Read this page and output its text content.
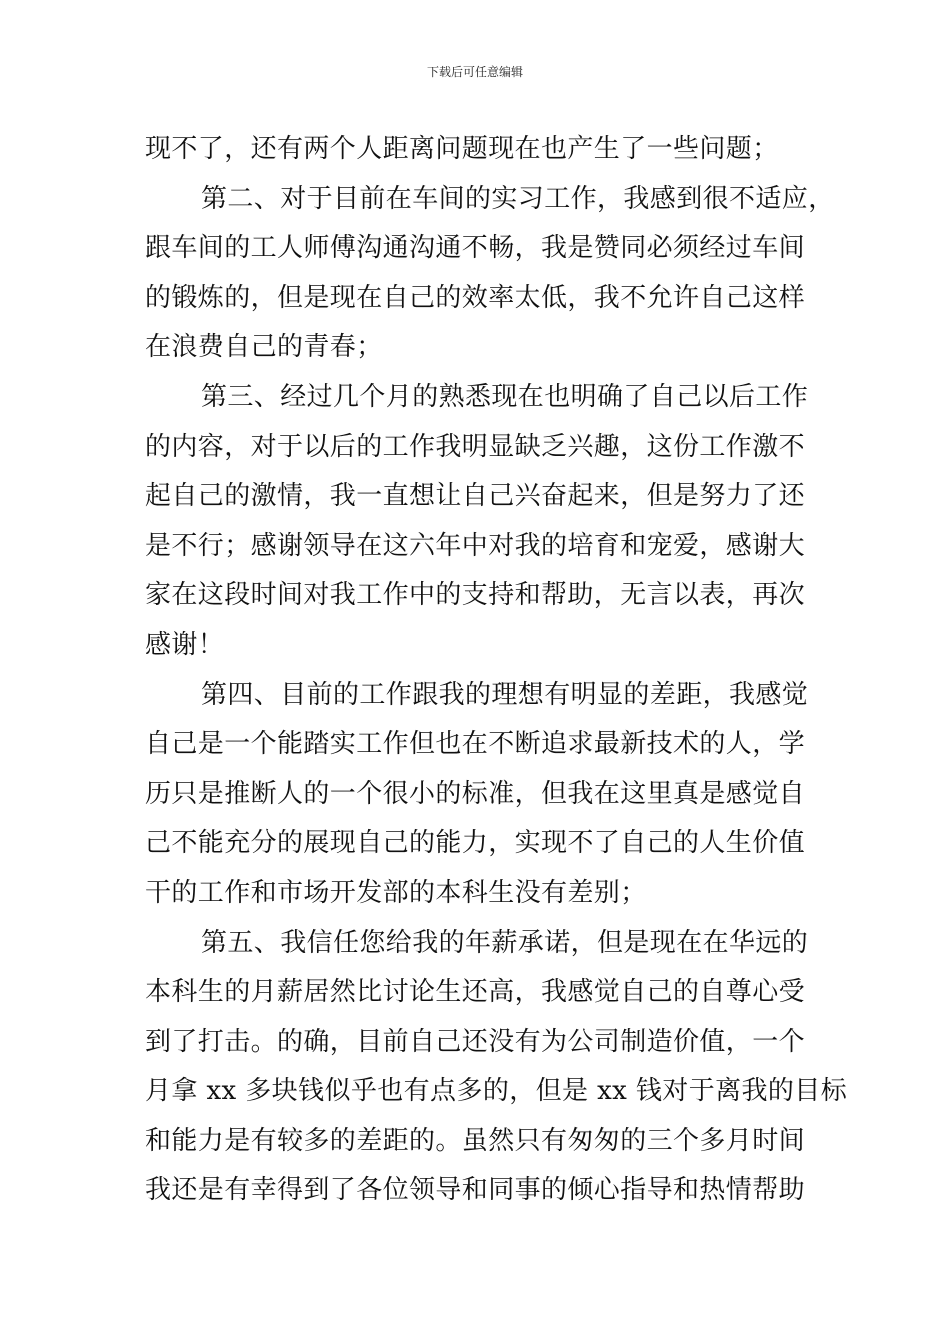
下载后可任意编辑
现不了，还有两个人距离问题现在也产生了一些问题；
第二、对于目前在车间的实习工作，我感到很不适应，
跟车间的工人师傅沟通沟通不畅，我是赞同必须经过车间
的锻炼的，但是现在自己的效率太低，我不允许自己这样
在浪费自己的青春；
第三、经过几个月的熟悉现在也明确了自己以后工作
的内容，对于以后的工作我明显缺乏兴趣，这份工作激不
起自己的激情，我一直想让自己兴奋起来，但是努力了还
是不行；感谢领导在这六年中对我的培育和宠爱，感谢大
家在这段时间对我工作中的支持和帮助，无言以表，再次
感谢！
第四、目前的工作跟我的理想有明显的差距，我感觉
自己是一个能踏实工作但也在不断追求最新技术的人，学
历只是推断人的一个很小的标准，但我在这里真是感觉自
己不能充分的展现自己的能力，实现不了自己的人生价值
干的工作和市场开发部的本科生没有差别；
第五、我信任您给我的年薪承诺，但是现在在华远的
本科生的月薪居然比讨论生还高，我感觉自己的自尊心受
到了打击。的确，目前自己还没有为公司制造价值，一个
月拿 xx 多块钱似乎也有点多的，但是 xx 钱对于离我的目标
和能力是有较多的差距的。虽然只有匆匆的三个多月时间
我还是有幸得到了各位领导和同事的倾心指导和热情帮助
